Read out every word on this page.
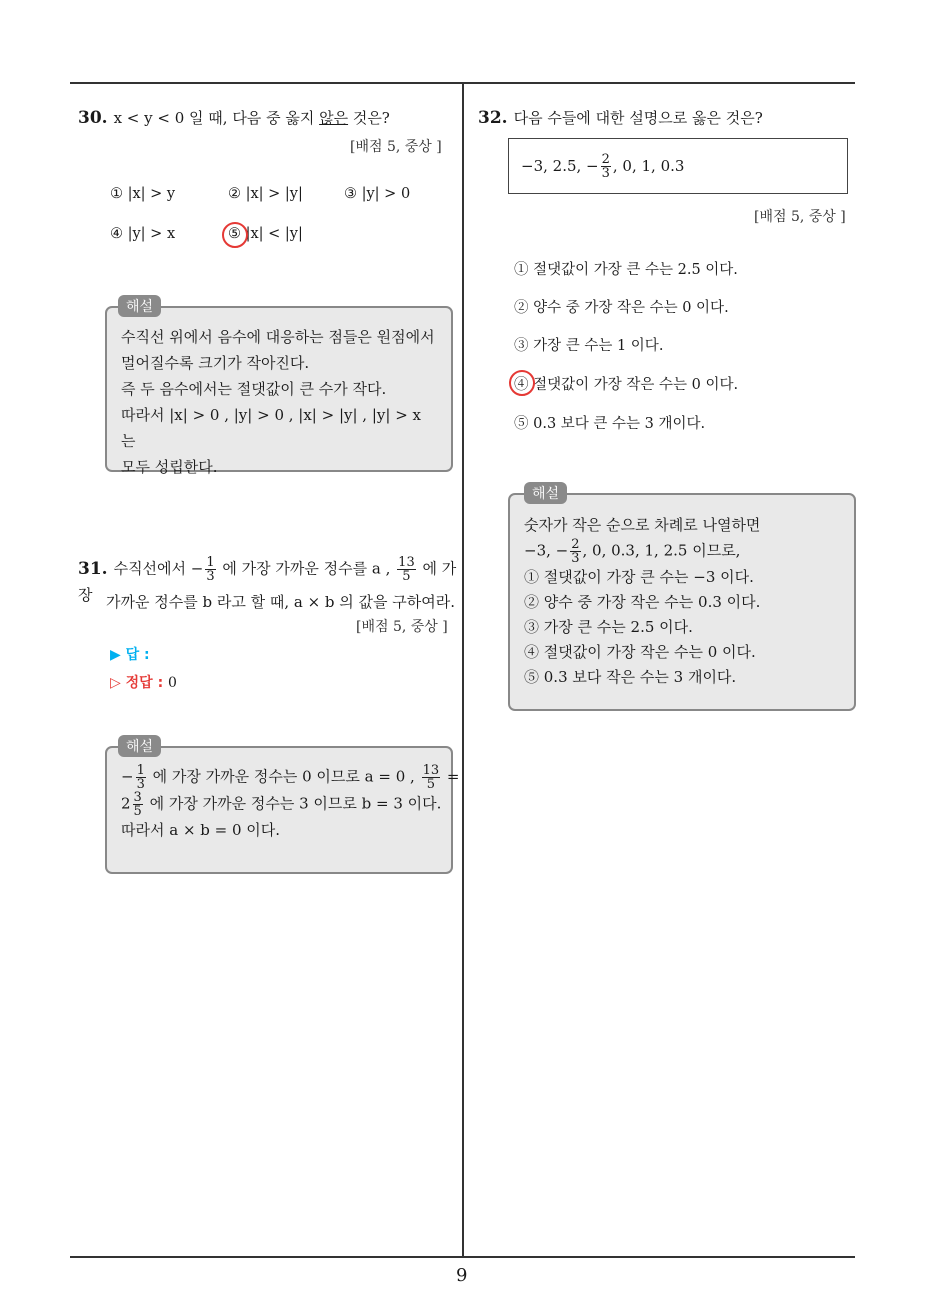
9
30. x < y < 0 일 때, 다음 중 옳지 않은 것은?
[배점 5, 중상 ]
① |x| > y	② |x| > |y|	③ |y| > 0
④ |y| > x	⑤ |x| < |y|
수직선 위에서 음수에 대응하는 점들은 원점에서
멀어질수록 크기가 작아진다.
즉 두 음수에서는 절댓값이 큰 수가 작다.
따라서 |x| > 0 , |y| > 0 , |x| > |y| , |y| > x 는
모두 성립한다.
해설
31. 수직선에서 − $\frac{1}{3}$ 에 가장 가까운 정수를 a , $\frac{13}{5}$ 에 가장 가까운 정수를 b 라고 할 때, a × b 의 값을 구하여라.
[배점 5, 중상 ]
▶ 답 :
▷ 정답 : 0
− $\frac{1}{3}$ 에 가장 가까운 정수는 0 이므로 a = 0 , $\frac{13}{5}$ =
$2 \frac{3}{5}$ 에 가장 가까운 정수는 3 이므로 b = 3 이다.
따라서 a × b = 0 이다.
해설
32. 다음 수들에 대한 설명으로 옳은 것은?
−3, 2.5, − $\frac{2}{3}$ , 0, 1, 0.3
[배점 5, 중상 ]
① 절댓값이 가장 큰 수는 2.5 이다.
② 양수 중 가장 작은 수는 0 이다.
③ 가장 큰 수는 1 이다.
④ 절댓값이 가장 작은 수는 0 이다.
⑤ 0.3 보다 큰 수는 3 개이다.
숫자가 작은 순으로 차례로 나열하면
−3, − $\frac{2}{3}$ , 0, 0.3, 1, 2.5 이므로,
① 절댓값이 가장 큰 수는 −3 이다.
② 양수 중 가장 작은 수는 0.3 이다.
③ 가장 큰 수는 2.5 이다.
④ 절댓값이 가장 작은 수는 0 이다.
⑤ 0.3 보다 작은 수는 3 개이다.
해설
